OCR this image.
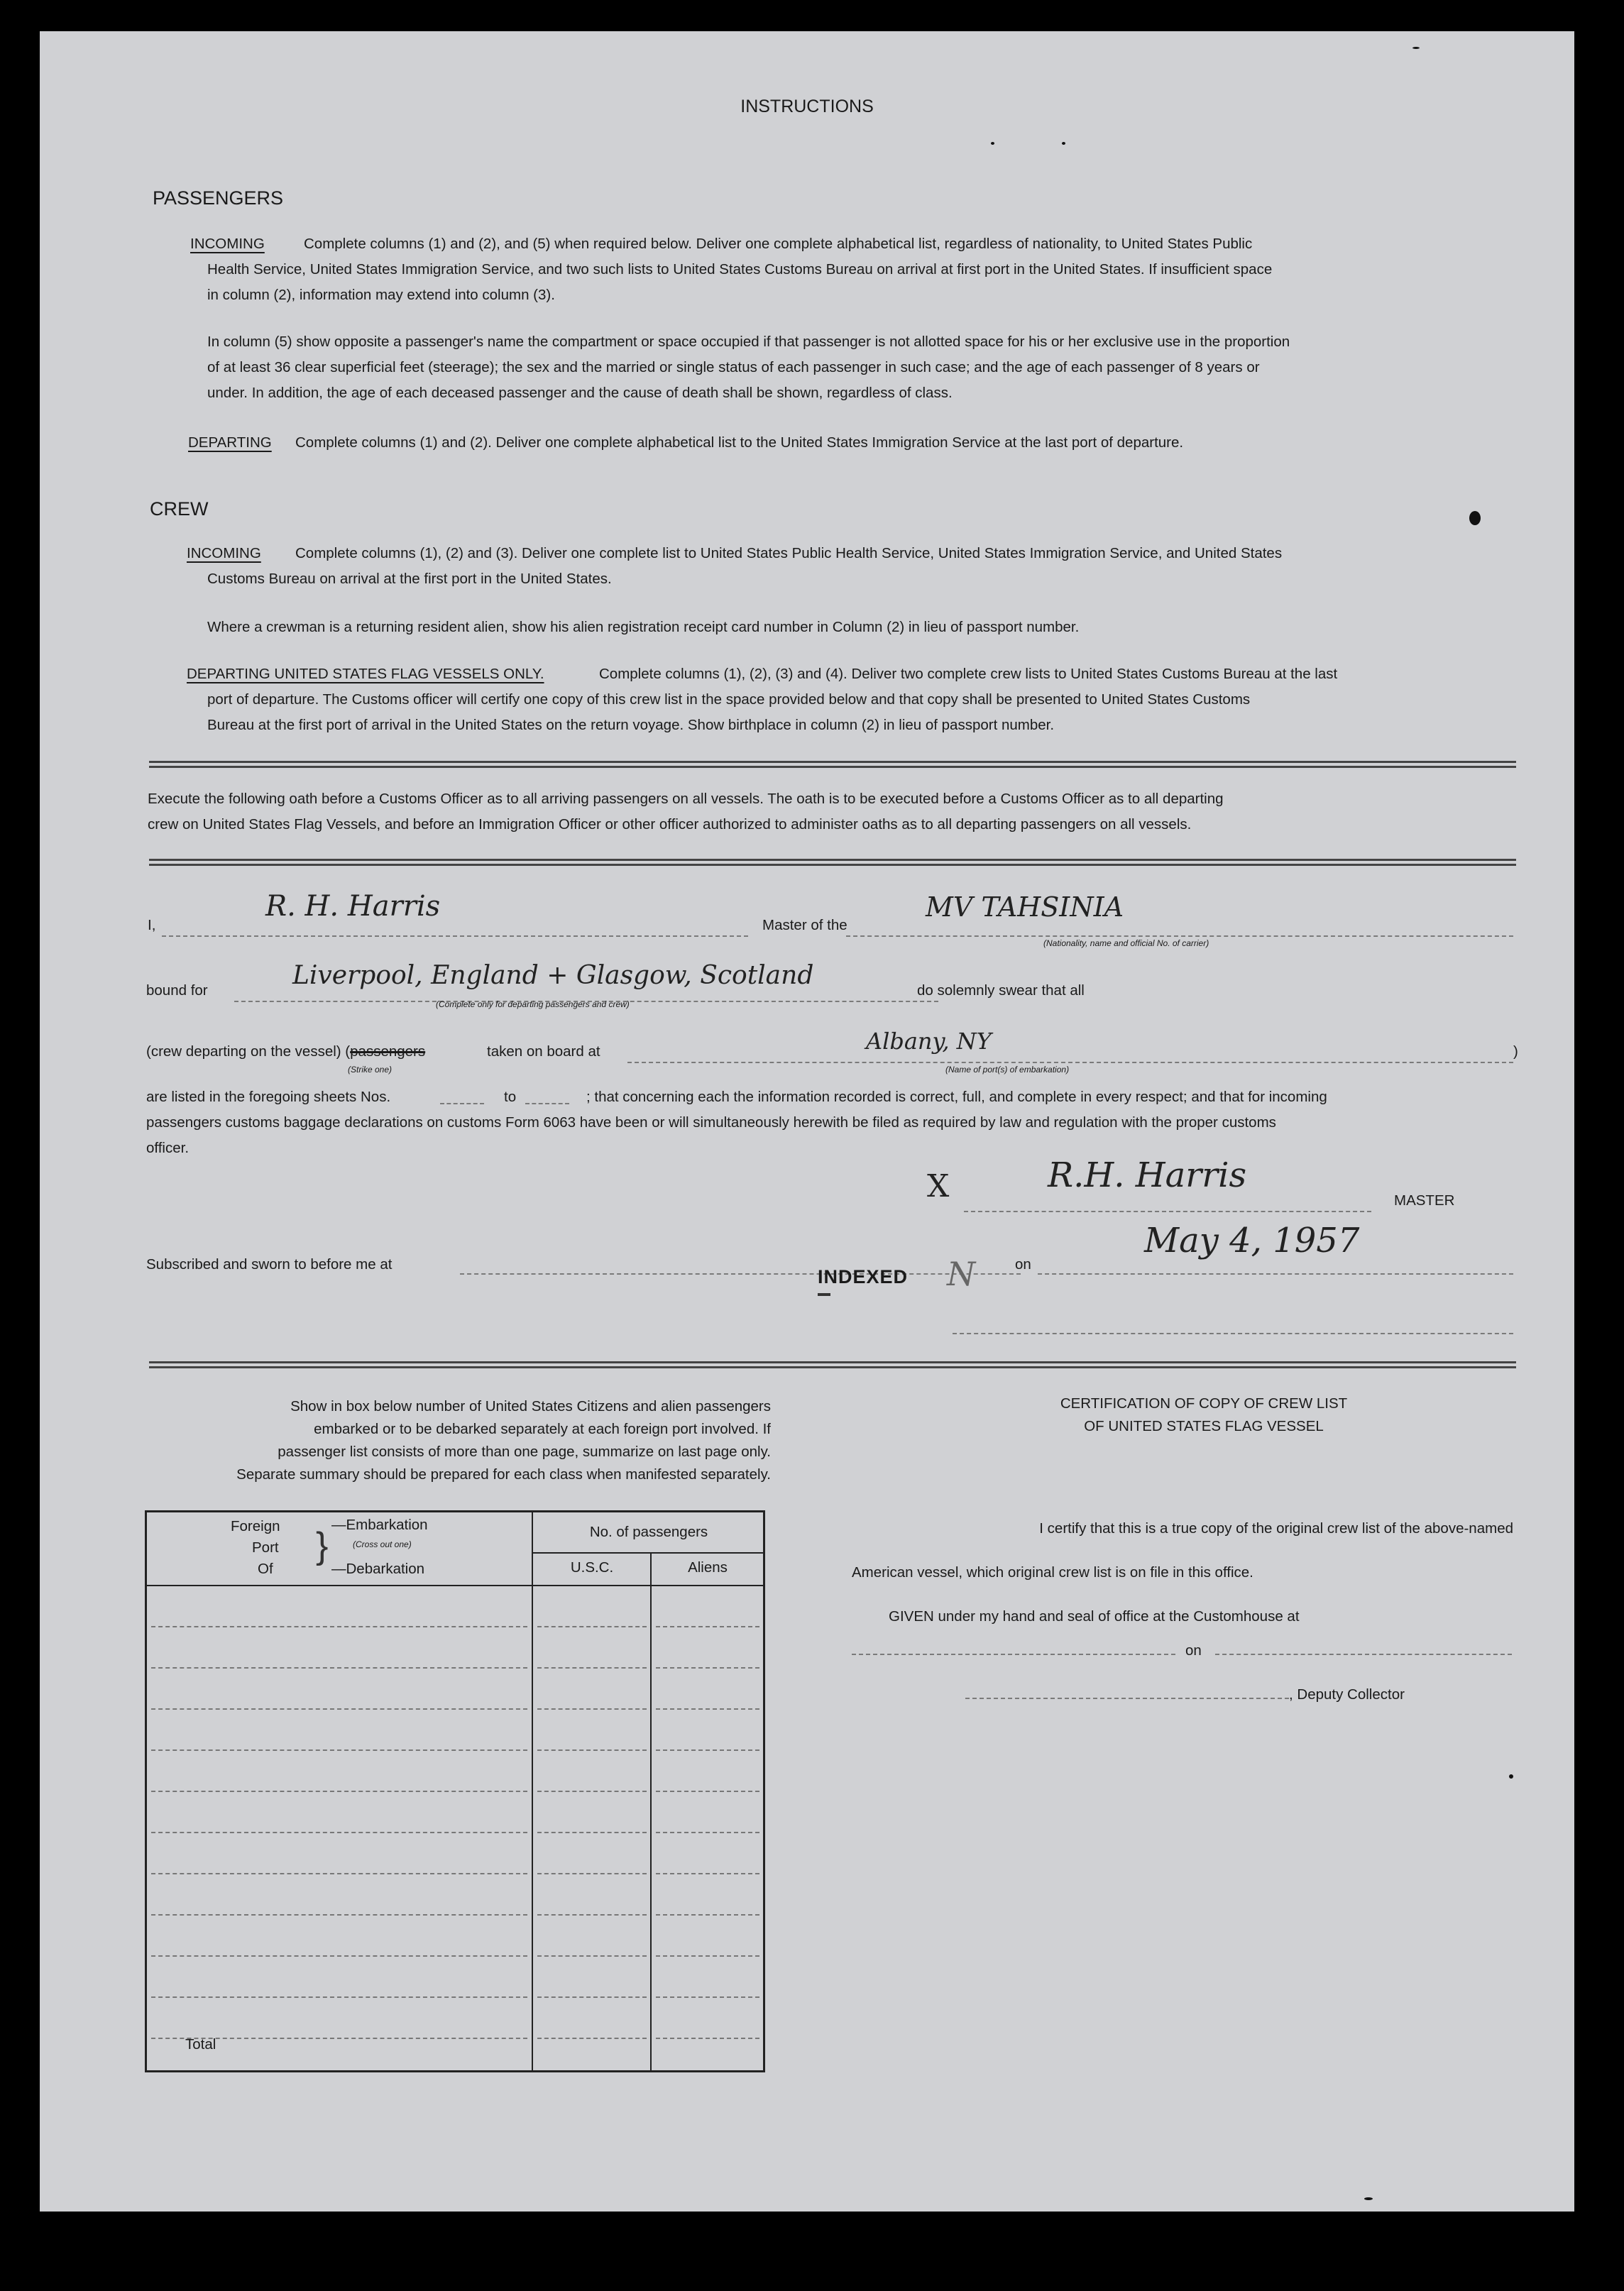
INSTRUCTIONS
PASSENGERS
INCOMING	Complete columns (1) and (2), and (5) when required below. Deliver one complete alphabetical list, regardless of nationality, to United States Public
Health Service, United States Immigration Service, and two such lists to United States Customs Bureau on arrival at first port in the United States. If insufficient space
in column (2), information may extend into column (3).
In column (5) show opposite a passenger's name the compartment or space occupied if that passenger is not allotted space for his or her exclusive use in the proportion
of at least 36 clear superficial feet (steerage); the sex and the married or single status of each passenger in such case; and the age of each passenger of 8 years or
under. In addition, the age of each deceased passenger and the cause of death shall be shown, regardless of class.
DEPARTING Complete columns (1) and (2). Deliver one complete alphabetical list to the United States Immigration Service at the last port of departure.
CREW
INCOMING Complete columns (1), (2) and (3). Deliver one complete list to United States Public Health Service, United States Immigration Service, and United States
Customs Bureau on arrival at the first port in the United States.
Where a crewman is a returning resident alien, show his alien registration receipt card number in Column (2) in lieu of passport number.
DEPARTING UNITED STATES FLAG VESSELS ONLY.	Complete columns (1), (2), (3) and (4). Deliver two complete crew lists to United States Customs Bureau at the last
port of departure. The Customs officer will certify one copy of this crew list in the space provided below and that copy shall be presented to United States Customs
Bureau at the first port of arrival in the United States on the return voyage. Show birthplace in column (2) in lieu of passport number.
Execute the following oath before a Customs Officer as to all arriving passengers on all vessels. The oath is to be executed before a Customs Officer as to all departing
crew on United States Flag Vessels, and before an Immigration Officer or other officer authorized to administer oaths as to all departing passengers on all vessels.
I,
R. H. Harris
Master of the
MV TAHSINIA
(Nationality, name and official No. of carrier)
bound for
Liverpool, England + Glasgow, Scotland
(Complete only for departing passengers and crew)
do solemnly swear that all
(crew departing on the vessel) (passengers	taken on board at	Albany, NY	)
(Strike one)	(Name of port(s) of embarkation)
are listed in the foregoing sheets Nos.	to	; that concerning each the information recorded is correct, full, and complete in every respect; and that for incoming
passengers customs baggage declarations on customs Form 6063 have been or will simultaneously herewith be filed as required by law and regulation with the proper customs
officer.
X	R.H. Harris
MASTER
Subscribed and sworn to before me at	on
May 4, 1957
INDEXED N
Show in box below number of United States Citizens and alien passengers
embarked or to be debarked separately at each foreign port involved. If
passenger list consists of more than one page, summarize on last page only.
Separate summary should be prepared for each class when manifested separately.
Foreign
Port
Of
}
—Embarkation
(Cross out one)
—Debarkation
No. of passengers
U.S.C.	Aliens
Total
CERTIFICATION OF COPY OF CREW LIST
OF UNITED STATES FLAG VESSEL
I certify that this is a true copy of the original crew list of the above-named
American vessel, which original crew list is on file in this office.
GIVEN under my hand and seal of office at the Customhouse at
on
, Deputy Collector
